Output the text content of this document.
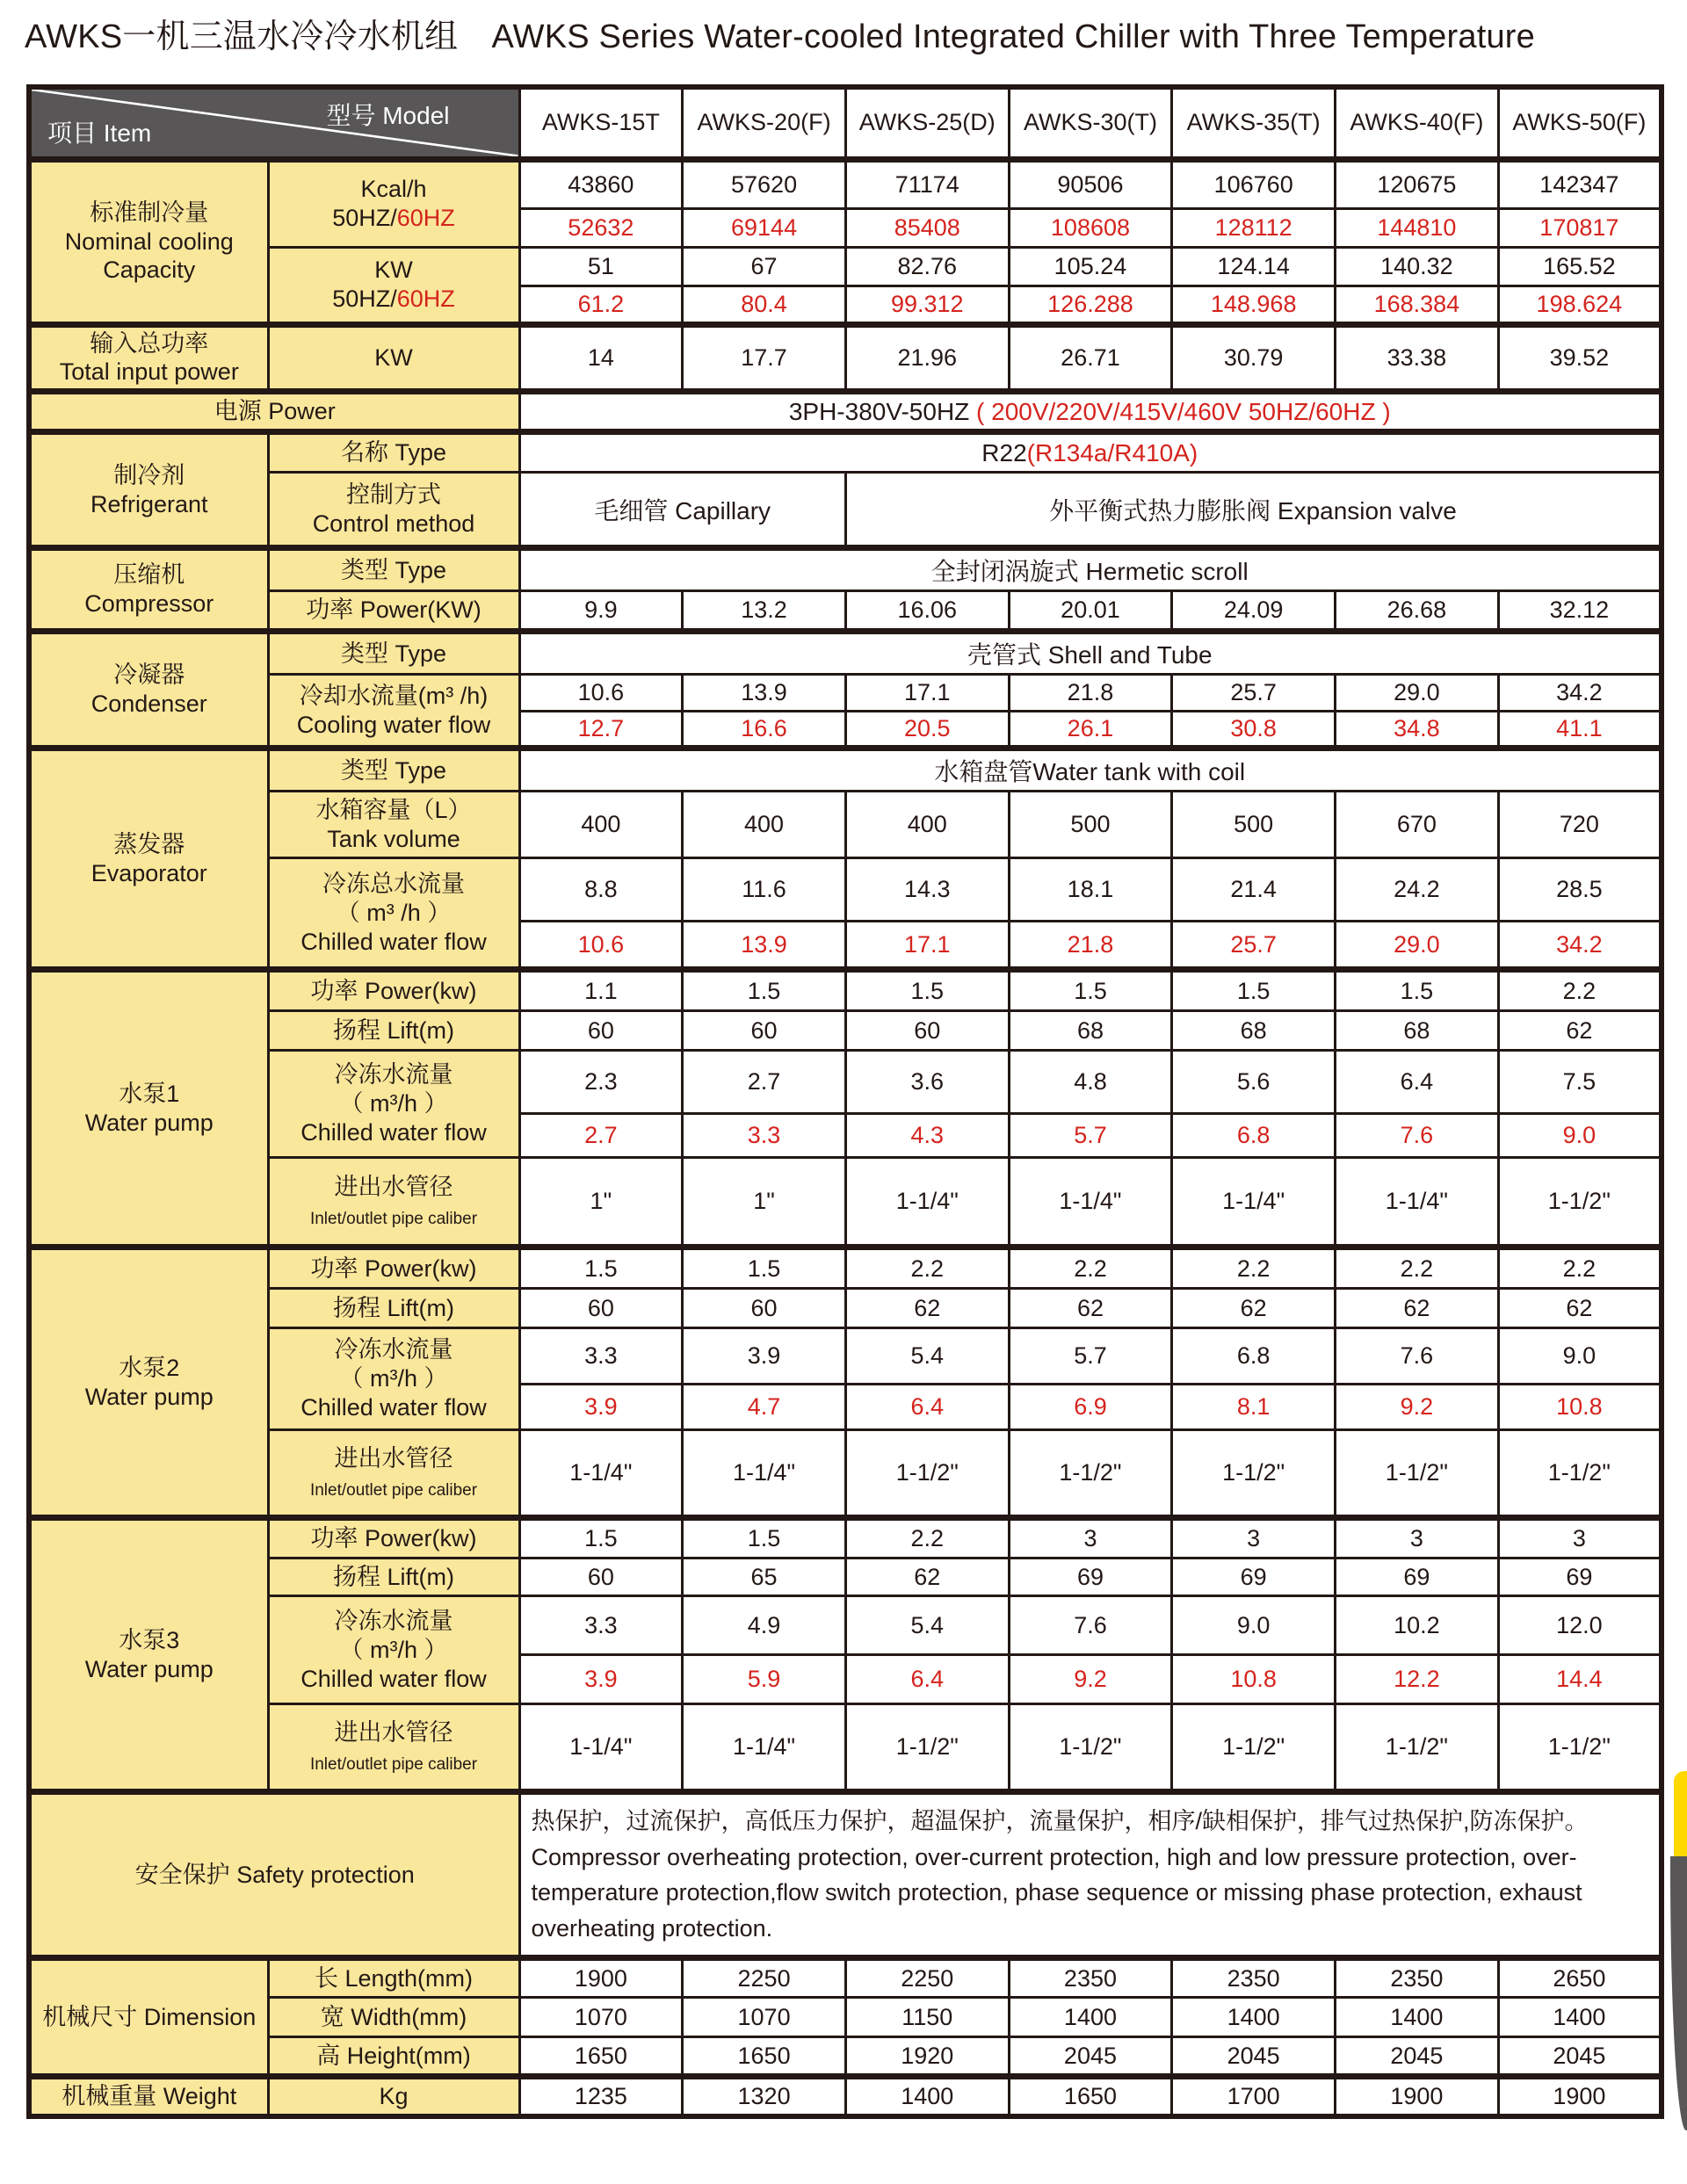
AWKS一机三温水冷冷水机组　AWKS Series Water-cooled Integrated Chiller with Three Temperature
型号 Model
项目 Item		AWKS-15T	AWKS-20(F)	AWKS-25(D)	AWKS-30(T)	AWKS-35(T)	AWKS-40(F)	AWKS-50(F)

标准制冷量
Nominal cooling
Capacity

Kcal/h
50HZ/60HZ
	43860	57620	71174	90506	106760	120675	142347
		52632	69144	85408	108608	128112	144810	170817

	KW
50HZ/60HZ	51	67	82.76	105.24	124.14	140.32	165.52
		61.2	80.4	99.312	126.288	148.968	168.384	198.624

输入总功率
Total input power	KW	14	17.7	21.96	26.71	30.79	33.38	39.52

电源 Power		3PH-380V-50HZ ( 200V/220V/415V/460V 50HZ/60HZ )						

制冷剂
Refrigerant	名称 Type	R22(R134a/R410A)						

	控制方式
Control method	毛细管 Capillary		外平衡式热力膨胀阀 Expansion valve				

压缩机
Compressor	类型 Type	全封闭涡旋式 Hermetic scroll						

	功率 Power(KW)	9.9	13.2	16.06	20.01	24.09	26.68	32.12

冷凝器
Condenser	类型 Type	壳管式 Shell and Tube						

	冷却水流量(m³ /h)
Cooling water flow	10.6	13.9	17.1	21.8	25.7	29.0	34.2
		12.7	16.6	20.5	26.1	30.8	34.8	41.1

蒸发器
Evaporator	类型 Type	水箱盘管Water tank with coil						

	水箱容量（L）
Tank volume	400	400	400	500	500	670	720

	冷冻总水流量
（ m³ /h ）
Chilled water flow	8.8	11.6	14.3	18.1	21.4	24.2	28.5
		10.6	13.9	17.1	21.8	25.7	29.0	34.2

水泵1
Water pump	功率 Power(kw)	1.1	1.5	1.5	1.5	1.5	1.5	2.2

	扬程 Lift(m)	60	60	60	68	68	68	62

	冷冻水流量
（ m³/h ）
Chilled water flow	2.3	2.7	3.6	4.8	5.6	6.4	7.5
		2.7	3.3	4.3	5.7	6.8	7.6	9.0

	进出水管径
Inlet/outlet pipe caliber	1"	1"	1-1/4"	1-1/4"	1-1/4"	1-1/4"	1-1/2"

水泵2
Water pump	功率 Power(kw)	1.5	1.5	2.2	2.2	2.2	2.2	2.2

	扬程 Lift(m)	60	60	62	62	62	62	62

	冷冻水流量
（ m³/h ）
Chilled water flow	3.3	3.9	5.4	5.7	6.8	7.6	9.0
		3.9	4.7	6.4	6.9	8.1	9.2	10.8

	进出水管径
Inlet/outlet pipe caliber	1-1/4"	1-1/4"	1-1/2"	1-1/2"	1-1/2"	1-1/2"	1-1/2"

水泵3
Water pump	功率 Power(kw)	1.5	1.5	2.2	3	3	3	3

	扬程 Lift(m)	60	65	62	69	69	69	69

	冷冻水流量
（ m³/h ）
Chilled water flow	3.3	4.9	5.4	7.6	9.0	10.2	12.0
		3.9	5.9	6.4	9.2	10.8	12.2	14.4

	进出水管径
Inlet/outlet pipe caliber	1-1/4"	1-1/4"	1-1/2"	1-1/2"	1-1/2"	1-1/2"	1-1/2"

安全保护 Safety protection		热保护，过流保护，高低压力保护，超温保护，流量保护，相序/缺相保护，排气过热保护,防冻保护。
Compressor overheating protection, over-current protection, high and low pressure protection, over-temperature protection,flow switch protection, phase sequence or missing phase protection, exhaust overheating protection.						

机械尺寸 Dimension	长 Length(mm)	1900	2250	2250	2350	2350	2350	2650

	宽 Width(mm)	1070	1070	1150	1400	1400	1400	1400

	高 Height(mm)	1650	1650	1920	2045	2045	2045	2045

机械重量 Weight	Kg	1235	1320	1400	1650	1700	1900	1900
